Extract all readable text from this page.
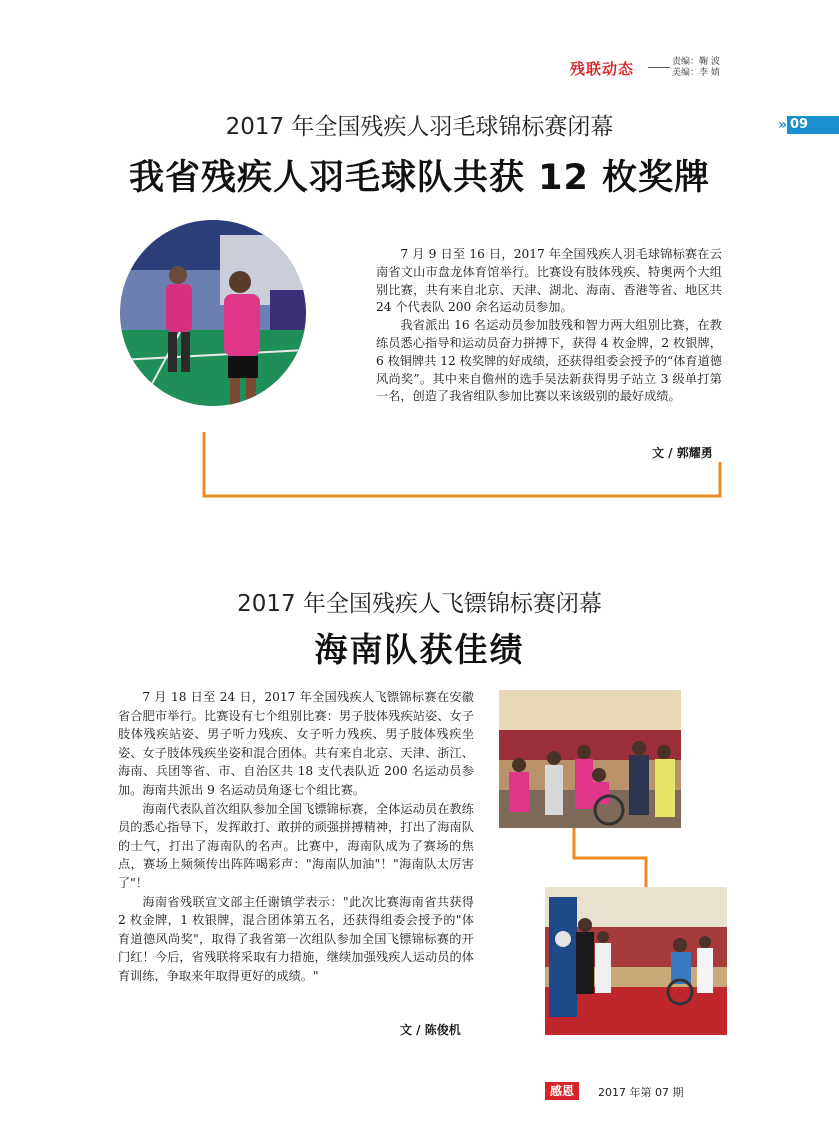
残联动态	责编：鞠 波
美编：李 婧
» 09
2017 年全国残疾人羽毛球锦标赛闭幕
我省残疾人羽毛球队共获 12 枚奖牌

7 月 9 日至 16 日，2017 年全国残疾人羽毛球锦标赛在云南省文山市盘龙体育馆举行。比赛设有肢体残疾、特奥两个大组别比赛，共有来自北京、天津、湖北、海南、香港等省、地区共 24 个代表队 200 余名运动员参加。

我省派出 16 名运动员参加肢残和智力两大组别比赛，在教练员悉心指导和运动员奋力拼搏下，获得 4 枚金牌，2 枚银牌，6 枚铜牌共 12 枚奖牌的好成绩，还获得组委会授予的“体育道德风尚奖”。其中来自儋州的选手吴法新获得男子站立 3 级单打第一名，创造了我省组队参加比赛以来该级别的最好成绩。

文 / 郭耀勇
2017 年全国残疾人飞镖锦标赛闭幕
海南队获佳绩

7 月 18 日至 24 日，2017 年全国残疾人飞镖锦标赛在安徽省合肥市举行。比赛设有七个组别比赛：男子肢体残疾站姿、女子肢体残疾站姿、男子听力残疾、女子听力残疾、男子肢体残疾坐姿、女子肢体残疾坐姿和混合团体。共有来自北京、天津、浙江、海南、兵团等省、市、自治区共 18 支代表队近 200 名运动员参加。海南共派出 9 名运动员角逐七个组比赛。

海南代表队首次组队参加全国飞镖锦标赛，全体运动员在教练员的悉心指导下，发挥敢打、敢拼的顽强拼搏精神，打出了海南队的士气，打出了海南队的名声。比赛中，海南队成为了赛场的焦点，赛场上频频传出阵阵喝彩声："海南队加油"！"海南队太厉害了"！

海南省残联宣文部主任谢镇学表示："此次比赛海南省共获得 2 枚金牌，1 枚银牌，混合团体第五名，还获得组委会授予的"体育道德风尚奖"，取得了我省第一次组队参加全国飞镖锦标赛的开门红！今后，省残联将采取有力措施，继续加强残疾人运动员的体育训练，争取来年取得更好的成绩。"

文 / 陈俊机
感恩	2017 年第 07 期
